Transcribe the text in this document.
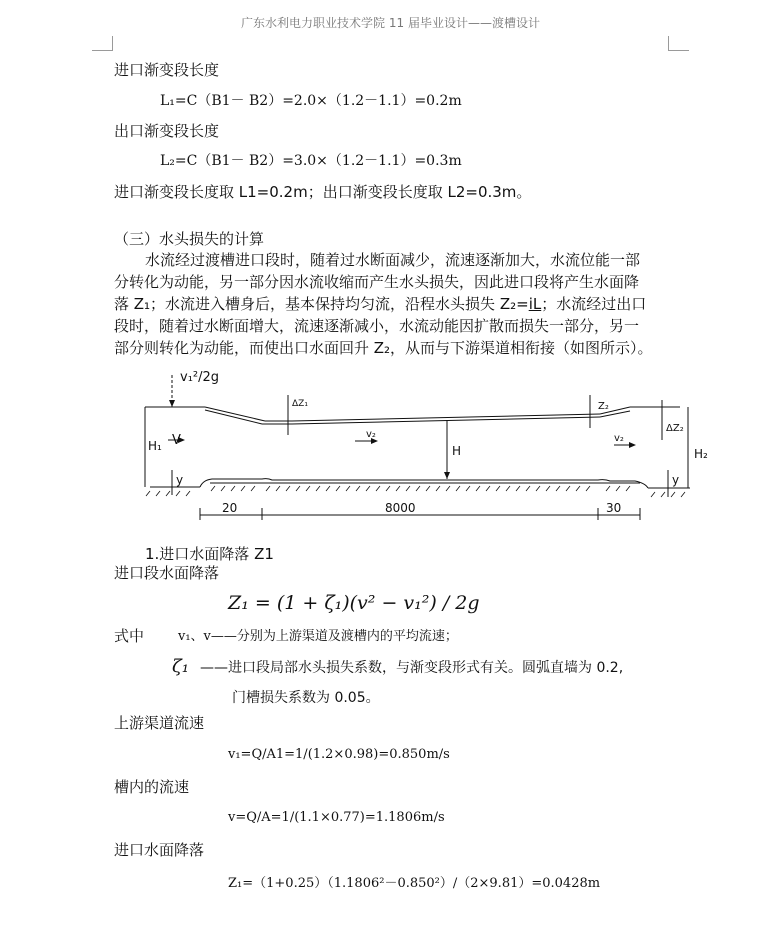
广东水利电力职业技术学院 11 届毕业设计——渡槽设计
进口渐变段长度
L₁=C（B1－ B2）=2.0×（1.2－1.1）=0.2m
出口渐变段长度
L₂=C（B1－ B2）=3.0×（1.2－1.1）=0.3m
进口渐变段长度取 L1=0.2m；出口渐变段长度取 L2=0.3m。
（三）水头损失的计算
水流经过渡槽进口段时，随着过水断面减少，流速逐渐加大，水流位能一部
分转化为动能，另一部分因水流收缩而产生水头损失，因此进口段将产生水面降
落 Z₁；水流进入槽身后，基本保持均匀流，沿程水头损失 Z₂=iL；水流经过出口
段时，随着过水断面增大，流速逐渐减小，水流动能因扩散而损失一部分，另一
部分则转化为动能，而使出口水面回升 Z₂，从而与下游渠道相衔接（如图所示）。
v₁²/2g
ΔZ₁	Z₂
ΔZ₂
H₁ V	v₂
H
v₂
H₂
y	y
20	8000	30
1.进口水面降落 Z1
进口段水面降落
Z₁ = (1 + ζ₁)(v² − v₁²) / 2g
式中	v₁、v——分别为上游渠道及渡槽内的平均流速；
ζ₁ ——进口段局部水头损失系数，与渐变段形式有关。圆弧直墙为 0.2,
门槽损失系数为 0.05。
上游渠道流速
v₁=Q/A1=1/(1.2×0.98)=0.850m/s
槽内的流速
v=Q/A=1/(1.1×0.77)=1.1806m/s
进口水面降落
Z₁=（1+0.25）（1.1806²－0.850²）/（2×9.81）=0.0428m
